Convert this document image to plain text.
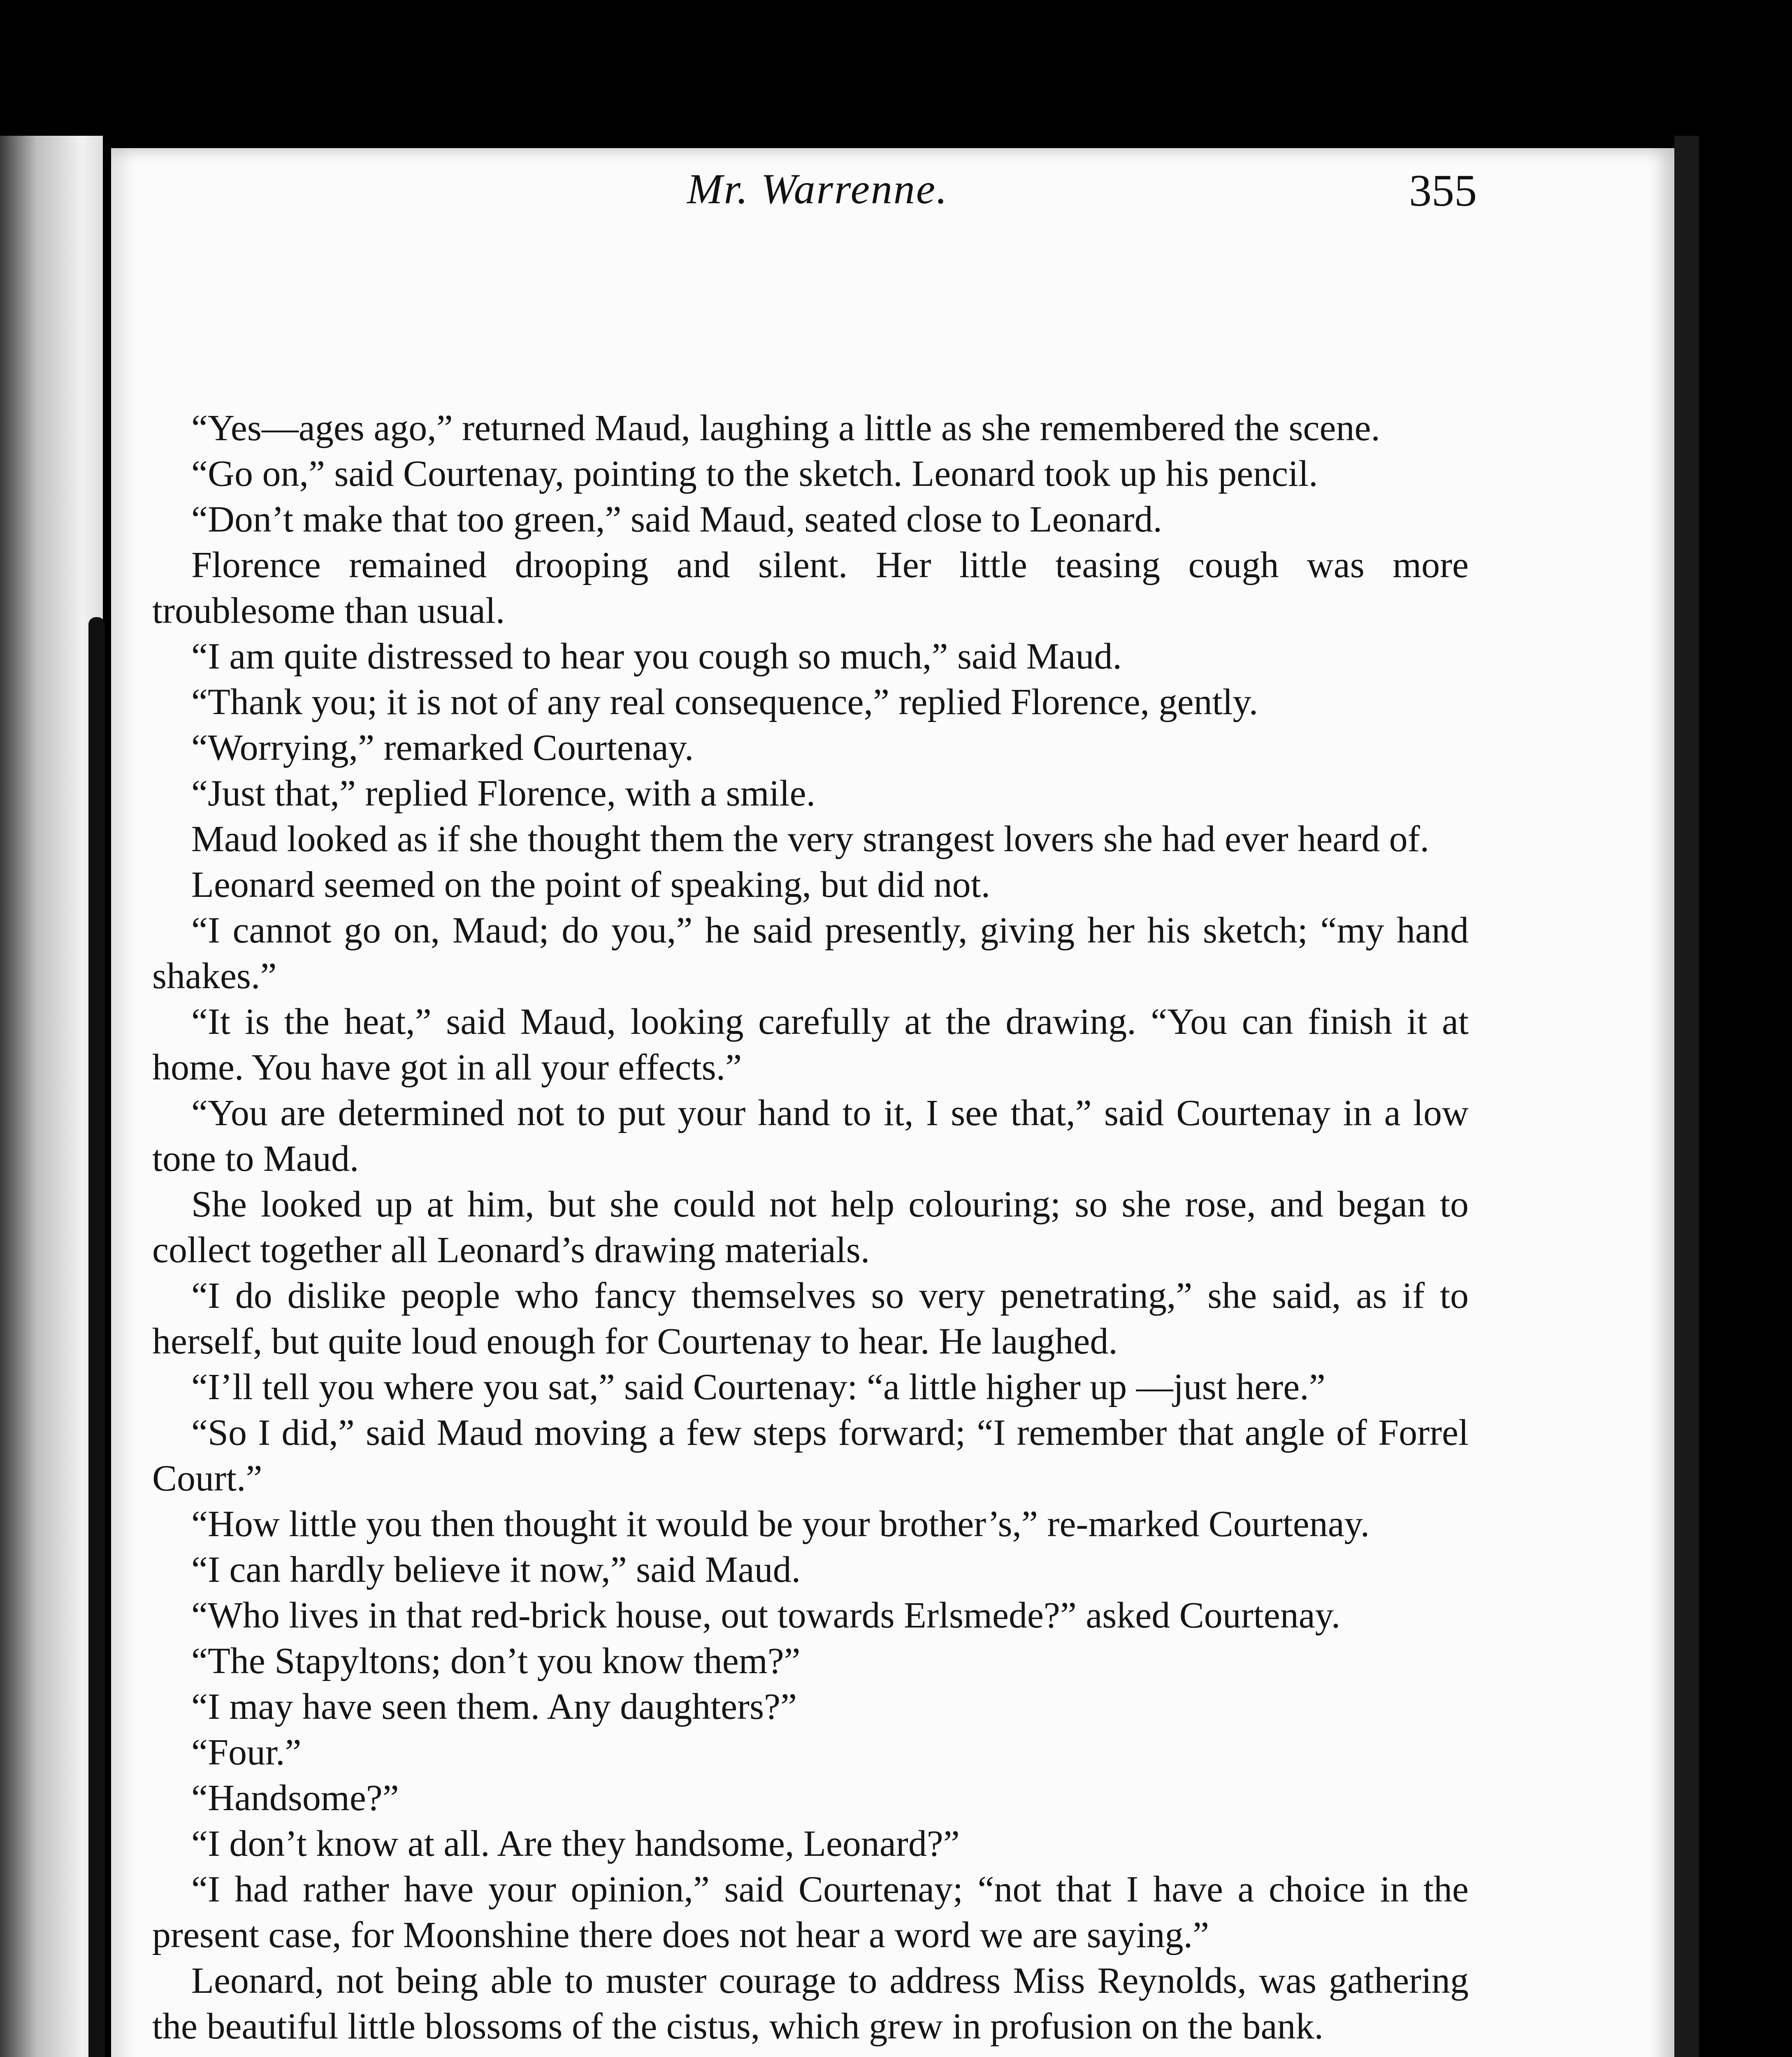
Mr. Warrenne.	355

“Yes—ages ago,” returned Maud, laughing a little as she remembered the scene.

“Go on,” said Courtenay, pointing to the sketch. Leonard took up his pencil.

“Don’t make that too green,” said Maud, seated close to Leonard.

Florence remained drooping and silent. Her little teasing cough was more troublesome than usual.

“I am quite distressed to hear you cough so much,” said Maud.

“Thank you; it is not of any real consequence,” replied Florence, gently.

“Worrying,” remarked Courtenay.

“Just that,” replied Florence, with a smile.

Maud looked as if she thought them the very strangest lovers she had ever heard of.

Leonard seemed on the point of speaking, but did not.

“I cannot go on, Maud; do you,” he said presently, giving her his sketch; “my hand shakes.”

“It is the heat,” said Maud, looking carefully at the drawing. “You can finish it at home. You have got in all your effects.”

“You are determined not to put your hand to it, I see that,” said Courtenay in a low tone to Maud.

She looked up at him, but she could not help colouring; so she rose, and began to collect together all Leonard’s drawing materials.

“I do dislike people who fancy themselves so very penetrating,” she said, as if to herself, but quite loud enough for Courtenay to hear. He laughed.

“I’ll tell you where you sat,” said Courtenay: “a little higher up —just here.”

“So I did,” said Maud moving a few steps forward; “I remember that angle of Forrel Court.”

“How little you then thought it would be your brother’s,” re-marked Courtenay.

“I can hardly believe it now,” said Maud.

“Who lives in that red-brick house, out towards Erlsmede?” asked Courtenay.

“The Stapyltons; don’t you know them?”

“I may have seen them. Any daughters?”

“Four.”

“Handsome?”

“I don’t know at all. Are they handsome, Leonard?”

“I had rather have your opinion,” said Courtenay; “not that I have a choice in the present case, for Moonshine there does not hear a word we are saying.”

Leonard, not being able to muster courage to address Miss Reynolds, was gathering the beautiful little blossoms of the cistus, which grew in profusion on the bank.
